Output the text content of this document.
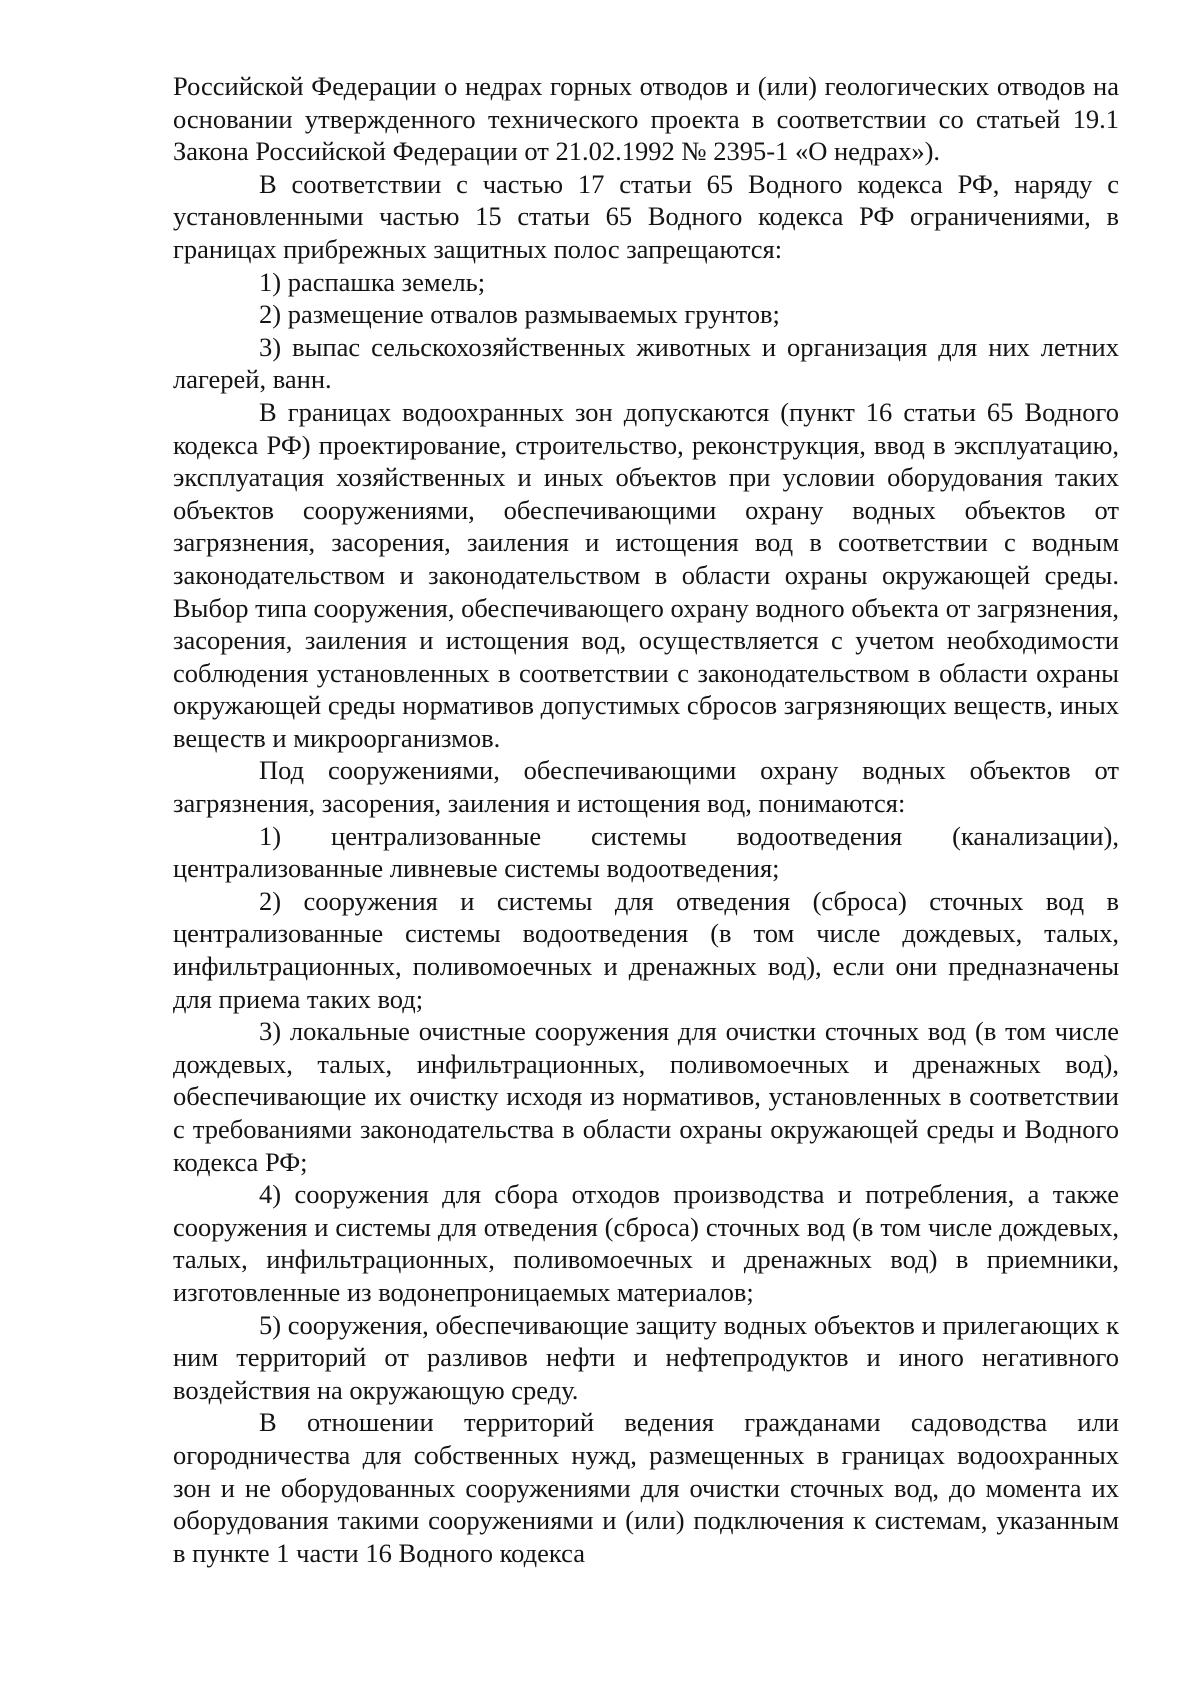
Российской Федерации о недрах горных отводов и (или) геологических отводов на основании утвержденного технического проекта в соответствии со статьей 19.1 Закона Российской Федерации от 21.02.1992 № 2395-1 «О недрах»).

В соответствии с частью 17 статьи 65 Водного кодекса РФ, наряду с установленными частью 15 статьи 65 Водного кодекса РФ ограничениями, в границах прибрежных защитных полос запрещаются:

1) распашка земель;

2) размещение отвалов размываемых грунтов;

3) выпас сельскохозяйственных животных и организация для них летних лагерей, ванн.

В границах водоохранных зон допускаются (пункт 16 статьи 65 Водного кодекса РФ) проектирование, строительство, реконструкция, ввод в эксплуатацию, эксплуатация хозяйственных и иных объектов при условии оборудования таких объектов сооружениями, обеспечивающими охрану водных объектов от загрязнения, засорения, заиления и истощения вод в соответствии с водным законодательством и законодательством в области охраны окружающей среды. Выбор типа сооружения, обеспечивающего охрану водного объекта от загрязнения, засорения, заиления и истощения вод, осуществляется с учетом необходимости соблюдения установленных в соответствии с законодательством в области охраны окружающей среды нормативов допустимых сбросов загрязняющих веществ, иных веществ и микроорганизмов.

Под сооружениями, обеспечивающими охрану водных объектов от загрязнения, засорения, заиления и истощения вод, понимаются:

1) централизованные системы водоотведения (канализации), централизованные ливневые системы водоотведения;

2) сооружения и системы для отведения (сброса) сточных вод в централизованные системы водоотведения (в том числе дождевых, талых, инфильтрационных, поливомоечных и дренажных вод), если они предназначены для приема таких вод;

3) локальные очистные сооружения для очистки сточных вод (в том числе дождевых, талых, инфильтрационных, поливомоечных и дренажных вод), обеспечивающие их очистку исходя из нормативов, установленных в соответствии с требованиями законодательства в области охраны окружающей среды и Водного кодекса РФ;

4) сооружения для сбора отходов производства и потребления, а также сооружения и системы для отведения (сброса) сточных вод (в том числе дождевых, талых, инфильтрационных, поливомоечных и дренажных вод) в приемники, изготовленные из водонепроницаемых материалов;

5) сооружения, обеспечивающие защиту водных объектов и прилегающих к ним территорий от разливов нефти и нефтепродуктов и иного негативного воздействия на окружающую среду.

В отношении территорий ведения гражданами садоводства или огородничества для собственных нужд, размещенных в границах водоохранных зон и не оборудованных сооружениями для очистки сточных вод, до момента их оборудования такими сооружениями и (или) подключения к системам, указанным в пункте 1 части 16 Водного кодекса
